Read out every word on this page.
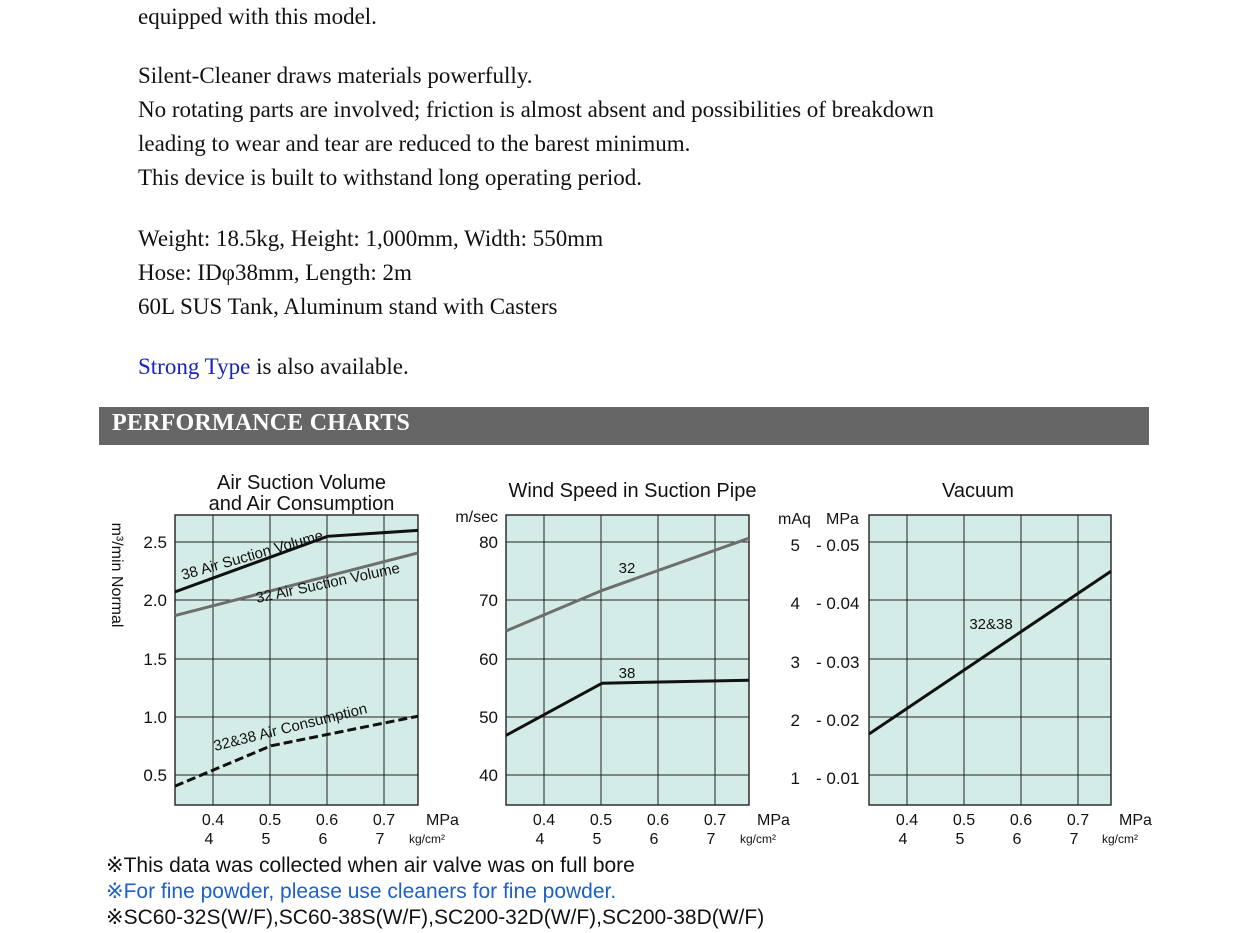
equipped with this model.

Silent-Cleaner draws materials powerfully.
No rotating parts are involved; friction is almost absent and possibilities of breakdown
leading to wear and tear are reduced to the barest minimum.
This device is built to withstand long operating period.

Weight: 18.5kg, Height: 1,000mm, Width: 550mm
Hose: IDφ38mm, Length: 2m
60L SUS Tank, Aluminum stand with Casters

Strong Type is also available.

PERFORMANCE CHARTS
0.4
4
0.5
5
0.6
6
0.7
7
MPa
kg/cm²
Air Suction Volume
and Air Consumption
2.5
2.0
1.5
1.0
0.5
m³/min Normal
0.4
4
0.5
5
0.6
6
0.7
7
MPa
kg/cm²
Wind Speed in Suction Pipe
80
70
60
50
40
m/sec
0.4
4
0.5
5
0.6
6
0.7
7
MPa
kg/cm²
Vacuum
5
4
3
2
1
- 0.05
- 0.04
- 0.03
- 0.02
- 0.01
mAq MPa
38 Air Suction Volume
32 Air Suction Volume
32&38 Air Consumption
32
38
32&38
※This data was collected when air valve was on full bore
※For fine powder, please use cleaners for fine powder.
※SC60-32S(W/F),SC60-38S(W/F),SC200-32D(W/F),SC200-38D(W/F)
